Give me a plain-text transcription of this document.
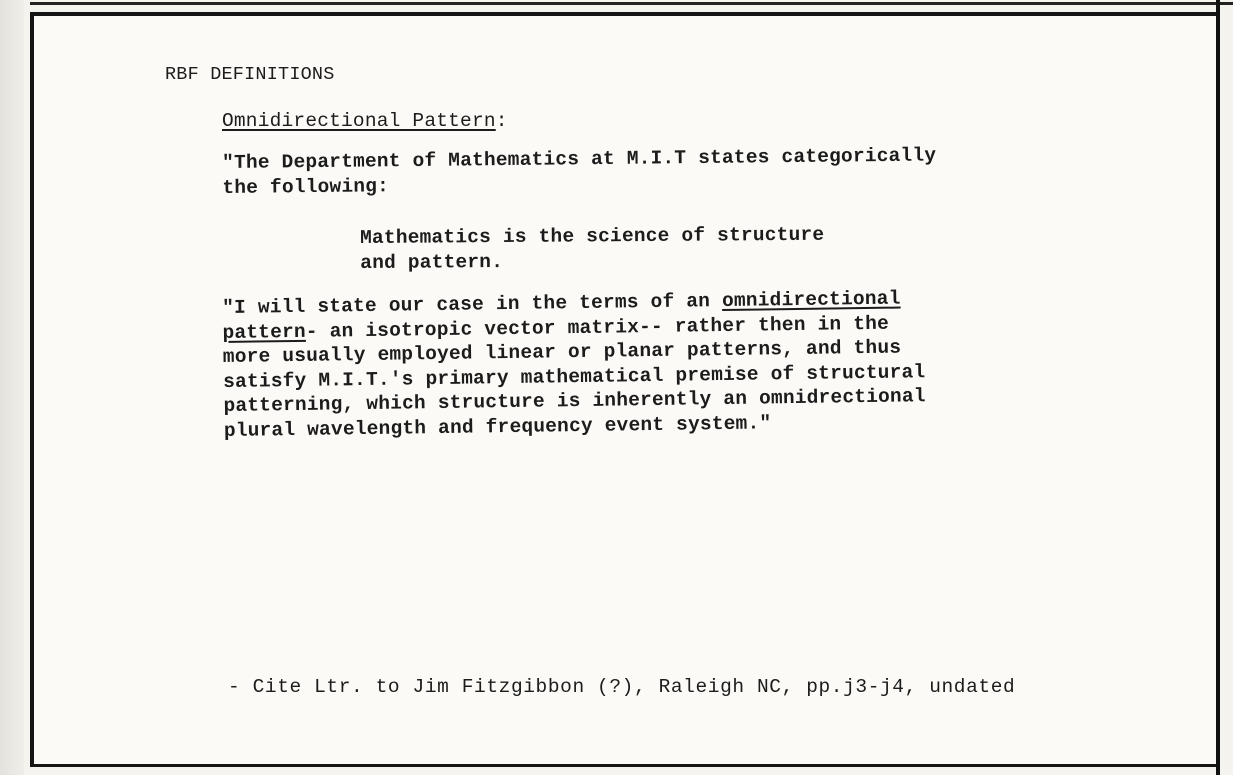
RBF DEFINITIONS
Omnidirectional Pattern:
"The Department of Mathematics at M.I.T states categorically
the following:
Mathematics is the science of structure
and pattern.
"I will state our case in the terms of an omnidirectional
pattern- an isotropic vector matrix-- rather then in the
more usually employed linear or planar patterns, and thus
satisfy M.I.T.'s primary mathematical premise of structural
patterning, which structure is inherently an omnidrectional
plural wavelength and frequency event system."
- Cite Ltr. to Jim Fitzgibbon (?), Raleigh NC, pp.j3-j4, undated
